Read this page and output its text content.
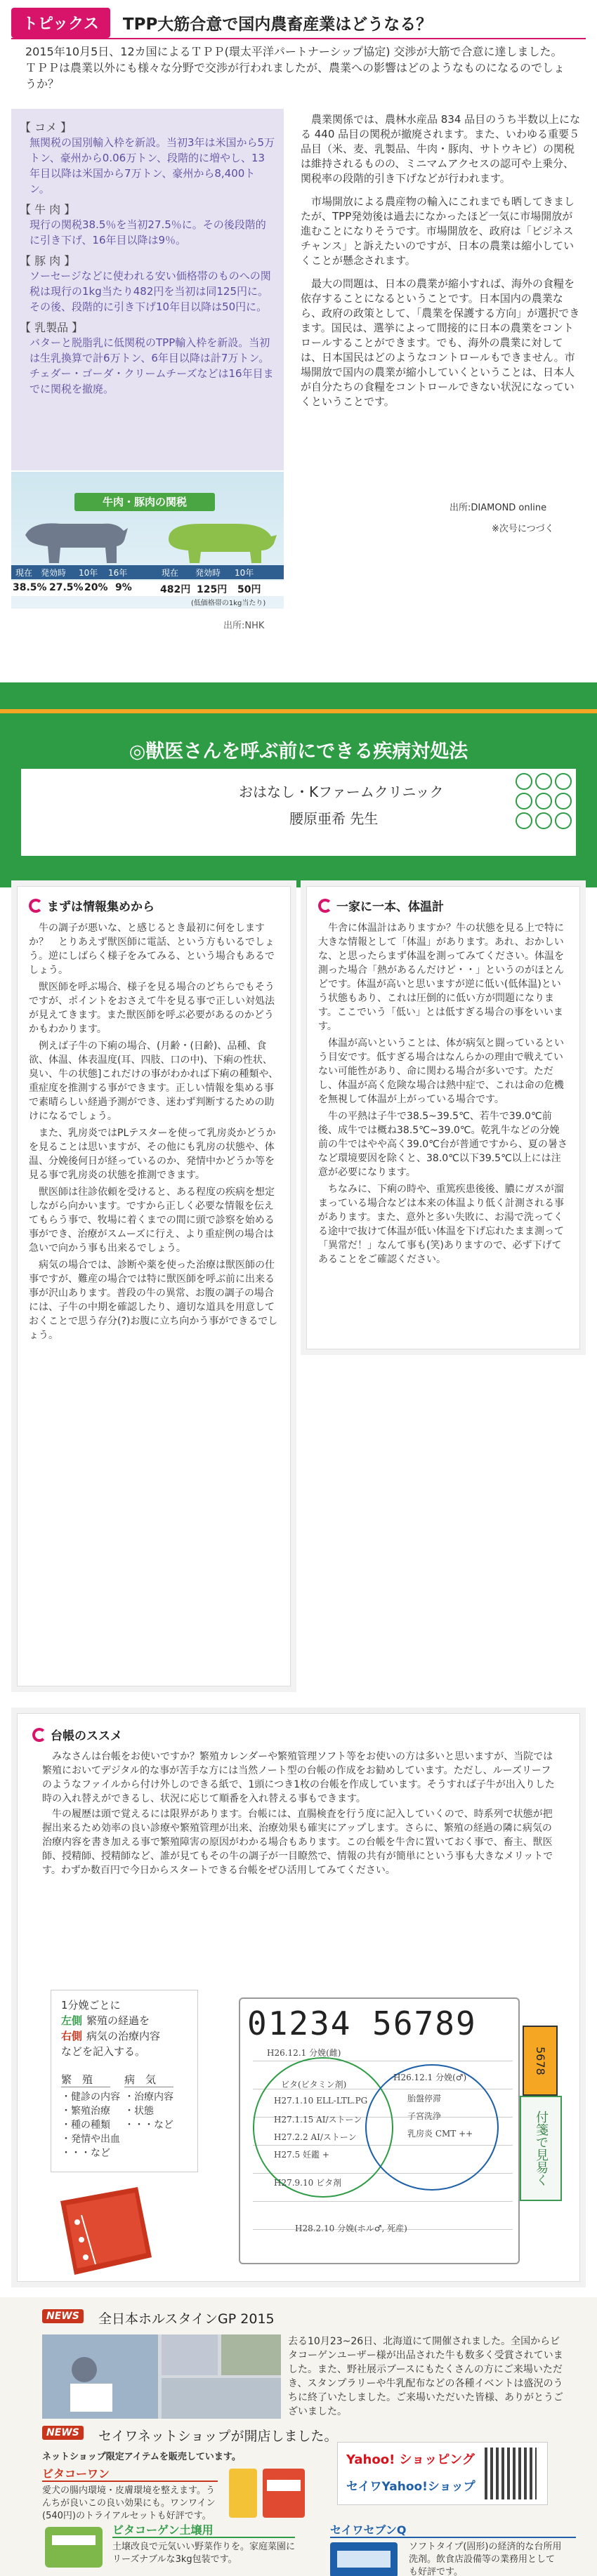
トピックス	TPP大筋合意で国内農畜産業はどうなる？

2015年10月5日、12カ国によるＴＰＰ(環太平洋パートナーシップ協定) 交渉が大筋で合意に達しました。ＴＰＰは農業以外にも様々な分野で交渉が行われましたが、農業への影響はどのようなものになるのでしょうか？

【 コメ 】
無関税の国別輸入枠を新設。当初3年は米国から5万トン、豪州から0.06万トン、段階的に増やし、13年目以降は米国から7万トン、豪州から8,400トン。
【 牛 肉 】
現行の関税38.5％を当初27.5％に。その後段階的に引き下げ、16年目以降は9％。
【 豚 肉 】
ソーセージなどに使われる安い価格帯のものへの関税は現行の1kg当たり482円を当初は同125円に。その後、段階的に引き下げ10年目以降は50円に。
【 乳製品 】
バターと脱脂乳に低関税のTPP輸入枠を新設。当初は生乳換算で計6万トン、6年目以降は計7万トン。チェダー・ゴーダ・クリームチーズなどは16年目までに関税を撤廃。
牛肉・豚肉の関税
現在 発効時 10年 16年	現在 発効時 10年
38.5% 27.5% 20% 9%	482円 125円 50円
(低価格帯の1kg当たり)
出所:NHK

農業関係では、農林水産品 834 品目のうち半数以上になる 440 品目の関税が撤廃されます。また、いわゆる重要５品目（米、麦、乳製品、牛肉・豚肉、サトウキビ）の関税は維持されるものの、ミニマムアクセスの認可や上乗分、関税率の段階的引き下げなどが行われます。

市場開放による農産物の輸入にこれまでも晒してきましたが、TPP発効後は過去になかったほど一気に市場開放が進むことになりそうです。市場開放を、政府は「ビジネスチャンス」と訴えたいのですが、日本の農業は縮小していくことが懸念されます。

最大の問題は、日本の農業が縮小すれば、海外の食糧を依存することになるということです。日本国内の農業なら、政府の政策として、「農業を保護する方向」が選択できます。国民は、選挙によって間接的に日本の農業をコントロールすることができます。でも、海外の農業に対しては、日本国民はどのようなコントロールもできません。市場開放で国内の農業が縮小していくということは、日本人が自分たちの食糧をコントロールできない状況になっていくということです。

出所:DIAMOND online
※次号につづく
◎獣医さんを呼ぶ前にできる疾病対処法
おはなし・Kファームクリニック
腰原亜希 先生
まずは情報集めから

牛の調子が悪いな、と感じるとき最初に何をしますか？　とりあえず獣医師に電話、という方もいるでしょう。逆にしばらく様子をみてみる、という場合もあるでしょう。

獣医師を呼ぶ場合、様子を見る場合のどちらでもそうですが、ポイントをおさえて牛を見る事で正しい対処法が見えてきます。また獣医師を呼ぶ必要があるのかどうかもわかります。

例えば子牛の下痢の場合、(月齢・(日齢)、品種、食欲、体温、体表温度(耳、四肢、口の中)、下痢の性状、臭い、牛の状態]これだけの事がわかれば下痢の種類や、重症度を推測する事ができます。正しい情報を集める事で素晴らしい経過予測ができ、迷わず判断するための助けになるでしょう。

また、乳房炎ではPLテスターを使って乳房炎かどうかを見ることは思いますが、その他にも乳房の状態や、体温、分娩後何日が経っているのか、発情中かどうか等を見る事で乳房炎の状態を推測できます。

獣医師は往診依頼を受けると、ある程度の疾病を想定しながら向かいます。ですから正しく必要な情報を伝えてもらう事で、牧場に着くまでの間に頭で診察を始める事ができ、治療がスムーズに行え、より重症例の場合は急いで向かう事も出来るでしょう。

病気の場合では、診断や薬を使った治療は獣医師の仕事ですが、難産の場合では特に獣医師を呼ぶ前に出来る事が沢山あります。普段の牛の異常、お腹の調子の場合には、子牛の中期を確認したり、適切な道具を用意しておくことで思う存分(?)お腹に立ち向かう事ができるでしょう。

一家に一本、体温計

牛舎に体温計はありますか？牛の状態を見る上で特に大きな情報として「体温」があります。あれ、おかしいな、と思ったらまず体温を測ってみてください。体温を測った場合「熱があるんだけど・・」というのがほとんどです。体温が高いと思いますが逆に低い(低体温)という状態もあり、これは圧倒的に低い方が問題になります。ここでいう「低い」とは低すぎる場合の事をいいます。

体温が高いということは、体が病気と闘っているという目安です。低すぎる場合はなんらかの理由で戦えていない可能性があり、命に関わる場合が多いです。ただし、体温が高く危険な場合は熱中症で、これは命の危機を無視して体温が上がっている場合です。

牛の平熱は子牛で38.5~39.5℃、若牛で39.0℃前後、成牛では概ね38.5℃~39.0℃。乾乳牛などの分娩前の牛ではやや高く39.0℃台が普通ですから、夏の暑さなど環境要因を除くと、38.0℃以下39.5℃以上には注意が必要になります。

ちなみに、下痢の時や、重篤疾患後後、膿にガスが溜まっている場合などは本来の体温より低く計測される事があります。また、意外と多い失敗に、お湯で洗ってくる途中で抜けて体温が低い体温を下げ忘れたまま測って「異常だ！」なんて事も(笑)ありますので、必ず下げてあることをご確認ください。

台帳のススメ

みなさんは台帳をお使いですか？繁殖カレンダーや繁殖管理ソフト等をお使いの方は多いと思いますが、当院では繁殖においてデジタル的な事が苦手な方には当然ノート型の台帳の作成をお勧めしています。ただし、ルーズリーフのようなファイルから付け外しのできる紙で、1頭につき1枚の台帳を作成しています。そうすれば子牛が出入りした時の入れ替えができるし、状況に応じて順番を入れ替える事もできます。

牛の履歴は頭で覚えるには限界があります。台帳には、直腸検査を行う度に記入していくので、時系列で状態が把握出来るため効率の良い診療や繁殖管理が出来、治療効果も確実にアップします。さらに、繁殖の経過の隣に病気の治療内容を書き加える事で繁殖障害の原因がわかる場合もあります。この台帳を牛舎に置いておく事で、畜主、獣医師、授精師、授精師など、誰が見てもその牛の調子が一目瞭然で、情報の共有が簡単にという事も大きなメリットです。わずか数百円で今日からスタートできる台帳をぜひ活用してみてください。

1分娩ごとに
左側 繁殖の経過を
右側 病気の治療内容
などを記入する。
繁　殖
・健診の内容
・繁殖治療
・種の種類
・発情や出血
・・・など
病　気
・治療内容
・状態
・・・など
01234 56789
H26.12.1 分娩(雌)
ビタ(ビタミン剤)
H27.1.10 ELL-LTL.PG
H27.1.15 AI/ストーン
H27.2.2 AI/ストーン
H27.5 妊鑑 +
H27.9.10 ビタ剤
H28.2.10 分娩(ホル♂, 死産)
H26.12.1 分娩(♂)
胎盤停滞
子宮洗浄
乳房炎 CMT ++
5678
付箋で見易く
NEWS	全日本ホルスタインGP 2015
去る10月23~26日、北海道にて開催されました。全国からビタコーゲンユーザー様が出品された牛も数多く受賞されていました。また、野社展示ブースにもたくさんの方にご来場いただき、スタンプラリーや牛乳配布などの各種イベントは盛況のうちに終了いたしました。ご来場いただいた皆様、ありがとうございました。
NEWS	セイワネットショップが開店しました。
ネットショップ限定アイテムを販売しています。
ビタコーワン
愛犬の腸内環境・皮膚環境を整えます。うんちが良いこの良い効果にも。ワンワイン(540円)のトライアルセットも好評です。
ビタコーゲン土壌用
土壌改良で元気いい野菜作りを。家庭菜園にリーズナブルな3kg包装です。
セイワセブンQ
ソフトタイプ(固形)の経済的な台所用洗剤。飲食店設備等の業務用としても好評です。
Yahoo! ショッピング
セイワYahoo!ショップ
